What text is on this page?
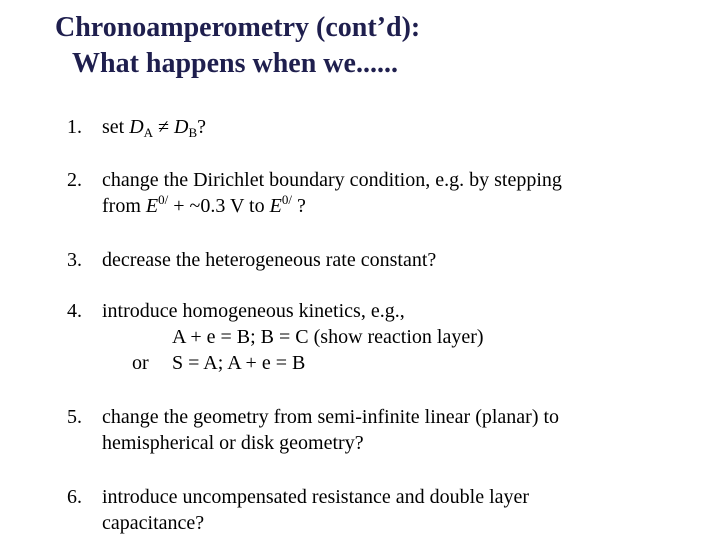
Chronoamperometry (cont’d):
What happens when we......
1.	set $D_A \ne D_B$?
2.	change the Dirichlet boundary condition, e.g. by stepping
from $E^{0/}$ + ~0.3 V to $E^{0/}$ ?
3.	decrease the heterogeneous rate constant?
4.	introduce homogeneous kinetics, e.g.,
A + e = B; B = C (show reaction layer)
or S = A; A + e = B
5.	change the geometry from semi-infinite linear (planar) to
hemispherical or disk geometry?
6.	introduce uncompensated resistance and double layer
capacitance?
